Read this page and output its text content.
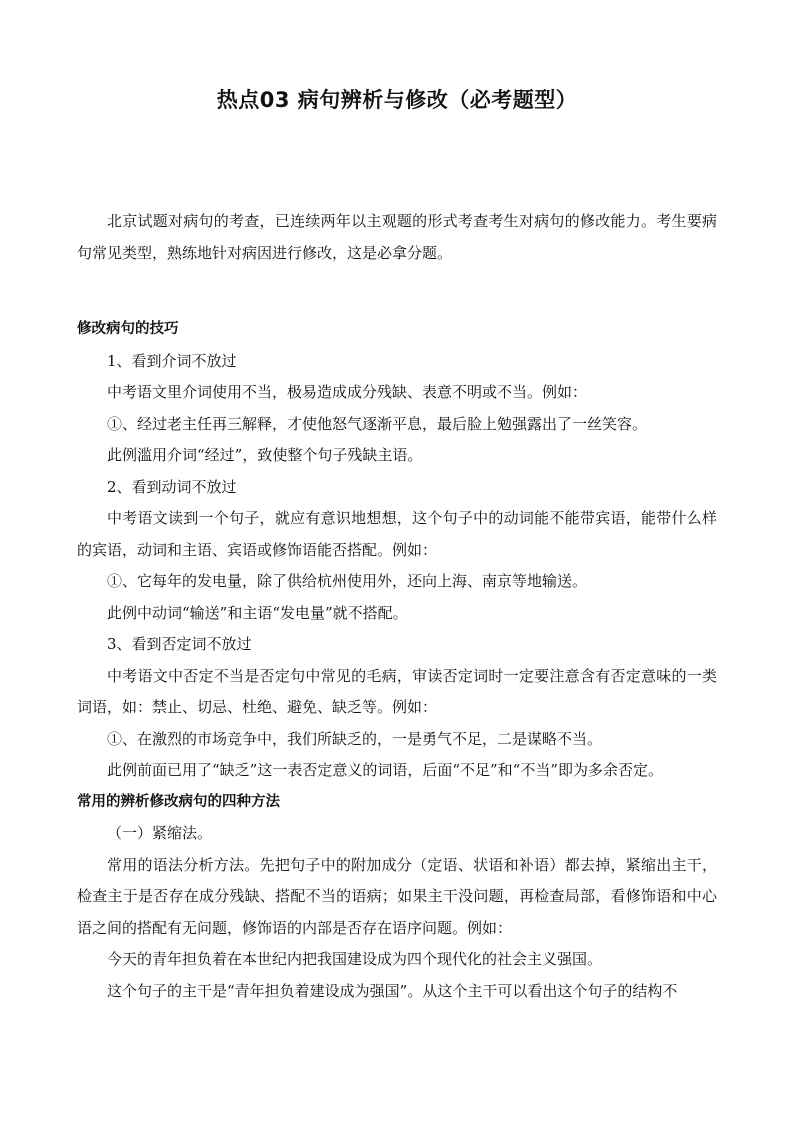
热点03 病句辨析与修改（必考题型）

北京试题对病句的考查，已连续两年以主观题的形式考查考生对病句的修改能力。考生要病句常见类型，熟练地针对病因进行修改，这是必拿分题。

修改病句的技巧

1、看到介词不放过

中考语文里介词使用不当，极易造成成分残缺、表意不明或不当。例如：

①、经过老主任再三解释，才使他怒气逐渐平息，最后脸上勉强露出了一丝笑容。

此例滥用介词“经过”，致使整个句子残缺主语。

2、看到动词不放过

中考语文读到一个句子，就应有意识地想想，这个句子中的动词能不能带宾语，能带什么样的宾语，动词和主语、宾语或修饰语能否搭配。例如：

①、它每年的发电量，除了供给杭州使用外，还向上海、南京等地输送。

此例中动词“输送”和主语“发电量”就不搭配。

3、看到否定词不放过

中考语文中否定不当是否定句中常见的毛病，审读否定词时一定要注意含有否定意味的一类词语，如：禁止、切忌、杜绝、避免、缺乏等。例如：

①、在激烈的市场竞争中，我们所缺乏的，一是勇气不足，二是谋略不当。

此例前面已用了“缺乏”这一表否定意义的词语，后面“不足”和“不当”即为多余否定。

常用的辨析修改病句的四种方法

（一）紧缩法。

常用的语法分析方法。先把句子中的附加成分（定语、状语和补语）都去掉，紧缩出主干，检查主于是否存在成分残缺、搭配不当的语病；如果主干没问题，再检查局部，看修饰语和中心语之间的搭配有无问题，修饰语的内部是否存在语序问题。例如：

今天的青年担负着在本世纪内把我国建设成为四个现代化的社会主义强国。

这个句子的主干是“青年担负着建设成为强国”。从这个主干可以看出这个句子的结构不
